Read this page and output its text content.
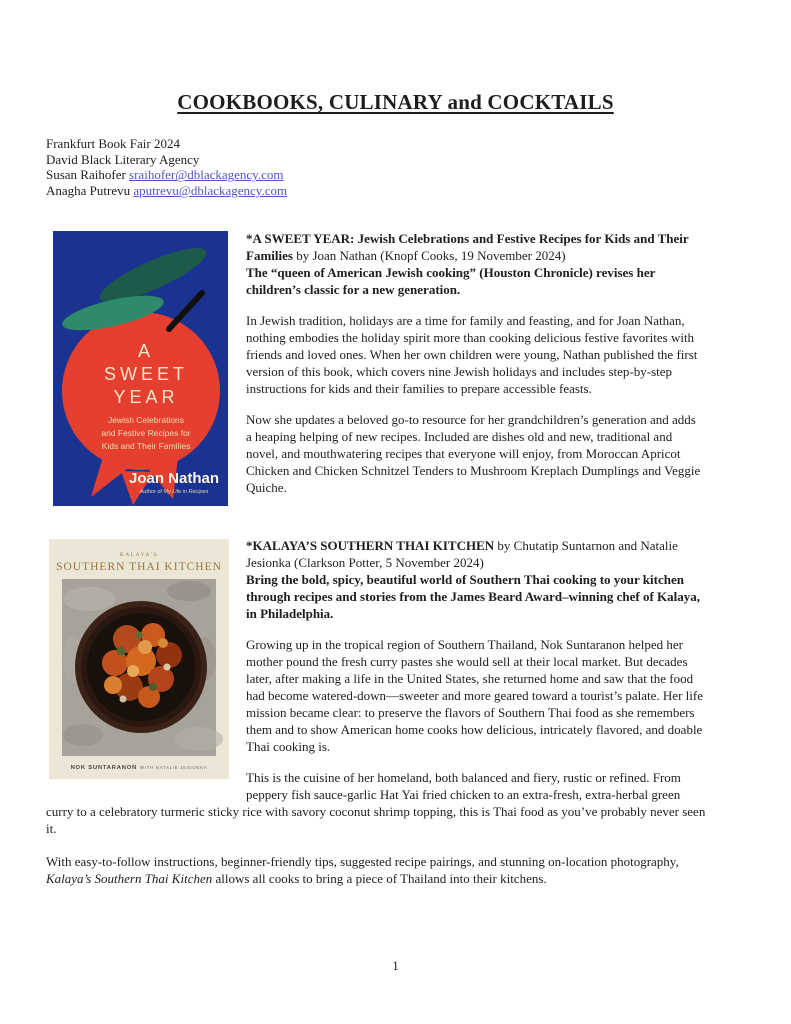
COOKBOOKS, CULINARY and COCKTAILS
Frankfurt Book Fair 2024
David Black Literary Agency
Susan Raihofer sraihofer@dblackagency.com
Anagha Putrevu aputrevu@dblackagency.com
A
SWEET
YEAR
Jewish Celebrations
and Festive Recipes for
Kids and Their Families
Joan Nathan
Author of My Life in Recipes
*A SWEET YEAR: Jewish Celebrations and Festive Recipes for Kids and Their Families by Joan Nathan (Knopf Cooks, 19 November 2024)
The “queen of American Jewish cooking” (Houston Chronicle) revises her children’s classic for a new generation.

In Jewish tradition, holidays are a time for family and feasting, and for Joan Nathan, nothing embodies the holiday spirit more than cooking delicious festive favorites with friends and loved ones. When her own children were young, Nathan published the first version of this book, which covers nine Jewish holidays and includes step-by-step instructions for kids and their families to prepare accessible feasts.

Now she updates a beloved go-to resource for her grandchildren’s generation and adds a heaping helping of new recipes. Included are dishes old and new, traditional and novel, and mouthwatering recipes that everyone will enjoy, from Moroccan Apricot Chicken and Chicken Schnitzel Tenders to Mushroom Kreplach Dumplings and Veggie Quiche.

KALAYA’S
SOUTHERN THAI KITCHEN
NOK SUNTARANON WITH NATALIE JESIONKA
*KALAYA’S SOUTHERN THAI KITCHEN by Chutatip Suntarnon and Natalie Jesionka (Clarkson Potter, 5 November 2024)
Bring the bold, spicy, beautiful world of Southern Thai cooking to your kitchen through recipes and stories from the James Beard Award–winning chef of Kalaya, in Philadelphia.

Growing up in the tropical region of Southern Thailand, Nok Suntaranon helped her mother pound the fresh curry pastes she would sell at their local market. But decades later, after making a life in the United States, she returned home and saw that the food had become watered-down—sweeter and more geared toward a tourist’s palate. Her life mission became clear: to preserve the flavors of Southern Thai food as she remembers them and to show American home cooks how delicious, intricately flavored, and doable Thai cooking is.

This is the cuisine of her homeland, both balanced and fiery, rustic or refined. From peppery fish sauce-garlic Hat Yai fried chicken to an extra-fresh, extra-herbal green curry to a celebratory turmeric sticky rice with savory coconut shrimp topping, this is Thai food as you’ve probably never seen it.

With easy-to-follow instructions, beginner-friendly tips, suggested recipe pairings, and stunning on-location photography, Kalaya’s Southern Thai Kitchen allows all cooks to bring a piece of Thailand into their kitchens.

1
